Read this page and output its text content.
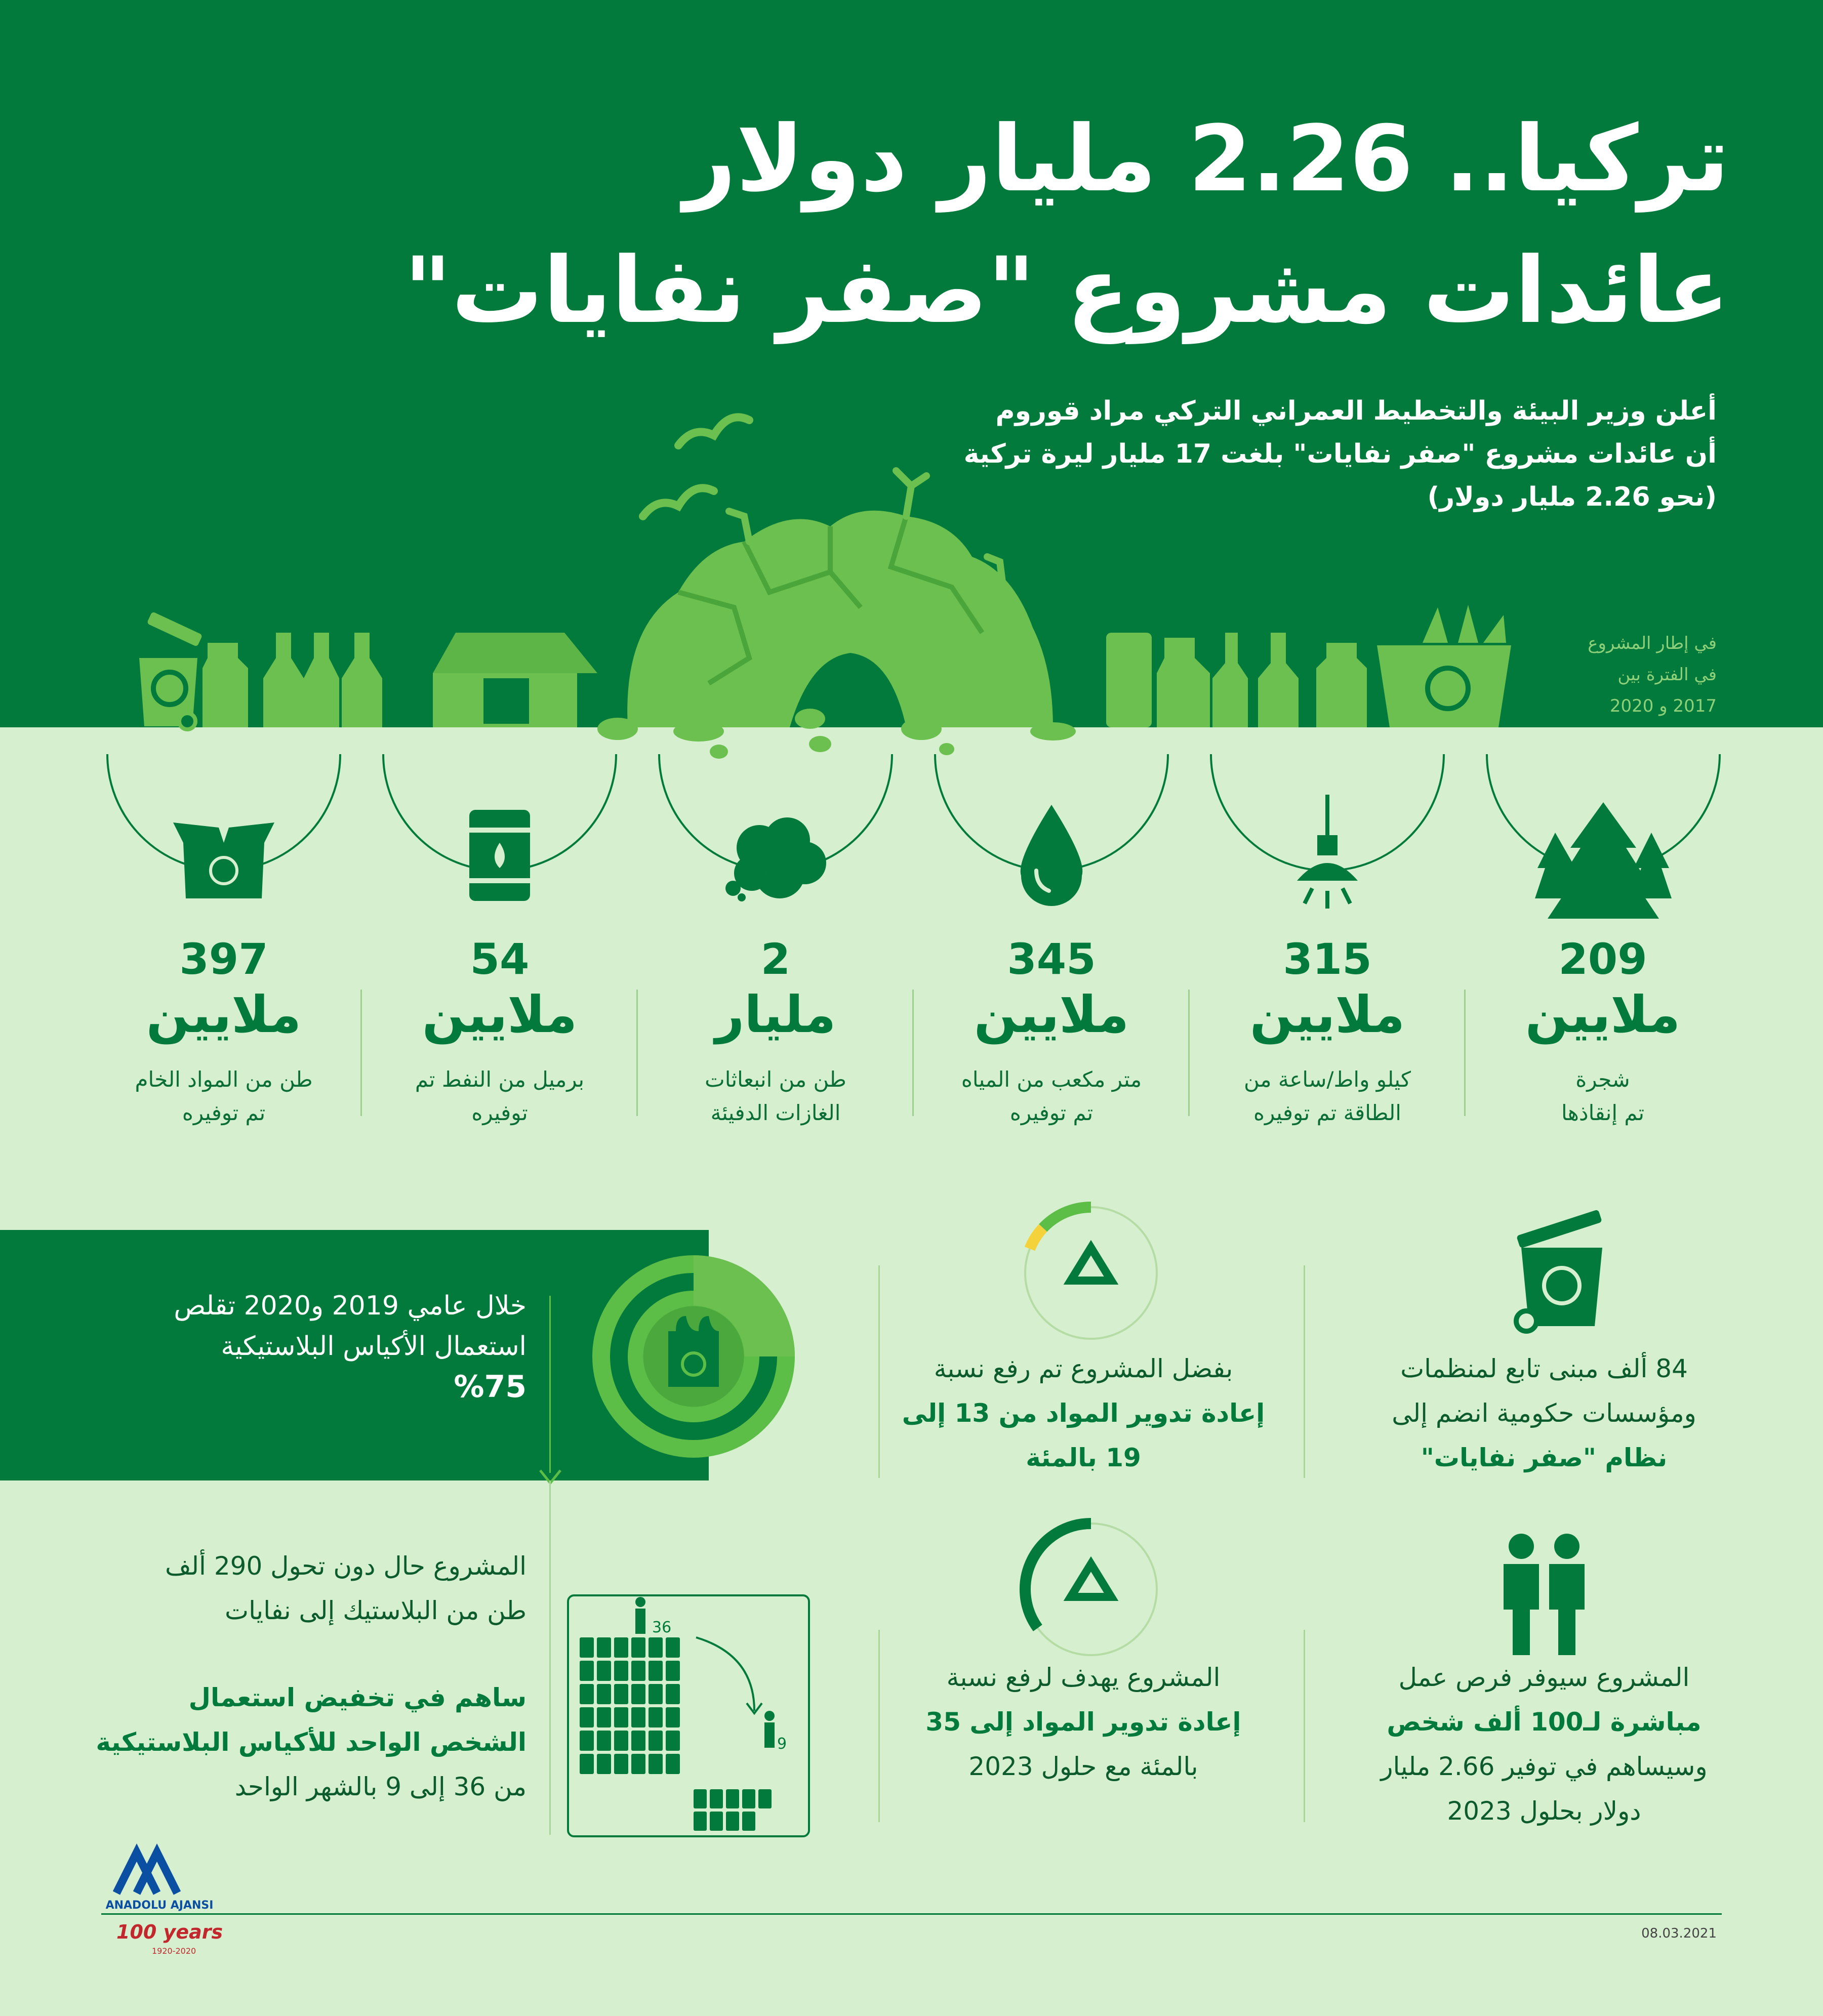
تركيا.. 2.26 مليار دولار
عائدات مشروع "صفر نفايات"
أعلن وزير البيئة والتخطيط العمراني التركي مراد قوروم
أن عائدات مشروع "صفر نفايات" بلغت 17 مليار ليرة تركية
(نحو 2.26 مليار دولار)
في إطار المشروع
في الفترة بين
2017 و 2020
209
ملايين
شجرة
تم إنقاذها
315
ملايين
كيلو واط/ساعة من
الطاقة تم توفيره
345
ملايين
متر مكعب من المياه
تم توفيره
2
مليار
طن من انبعاثات
الغازات الدفيئة
54
ملايين
برميل من النفط تم
توفيره
397
ملايين
طن من المواد الخام
تم توفيره
خلال عامي 2019 و2020 تقلص
استعمال الأكياس البلاستيكية
%75
بفضل المشروع تم رفع نسبة
إعادة تدوير المواد من 13 إلى
19 بالمئة
84 ألف مبنى تابع لمنظمات
ومؤسسات حكومية انضم إلى
نظام "صفر نفايات"
المشروع يهدف لرفع نسبة
إعادة تدوير المواد إلى 35
بالمئة مع حلول 2023
المشروع سيوفر فرص عمل
مباشرة لـ100 ألف شخص
وسيساهم في توفير 2.66 مليار
دولار بحلول 2023
المشروع حال دون تحول 290 ألف
طن من البلاستيك إلى نفايات
ساهم في تخفيض استعمال
الشخص الواحد للأكياس البلاستيكية
من 36 إلى 9 بالشهر الواحد
36
9
ANADOLU AJANSI
100 years
1920-2020
08.03.2021
